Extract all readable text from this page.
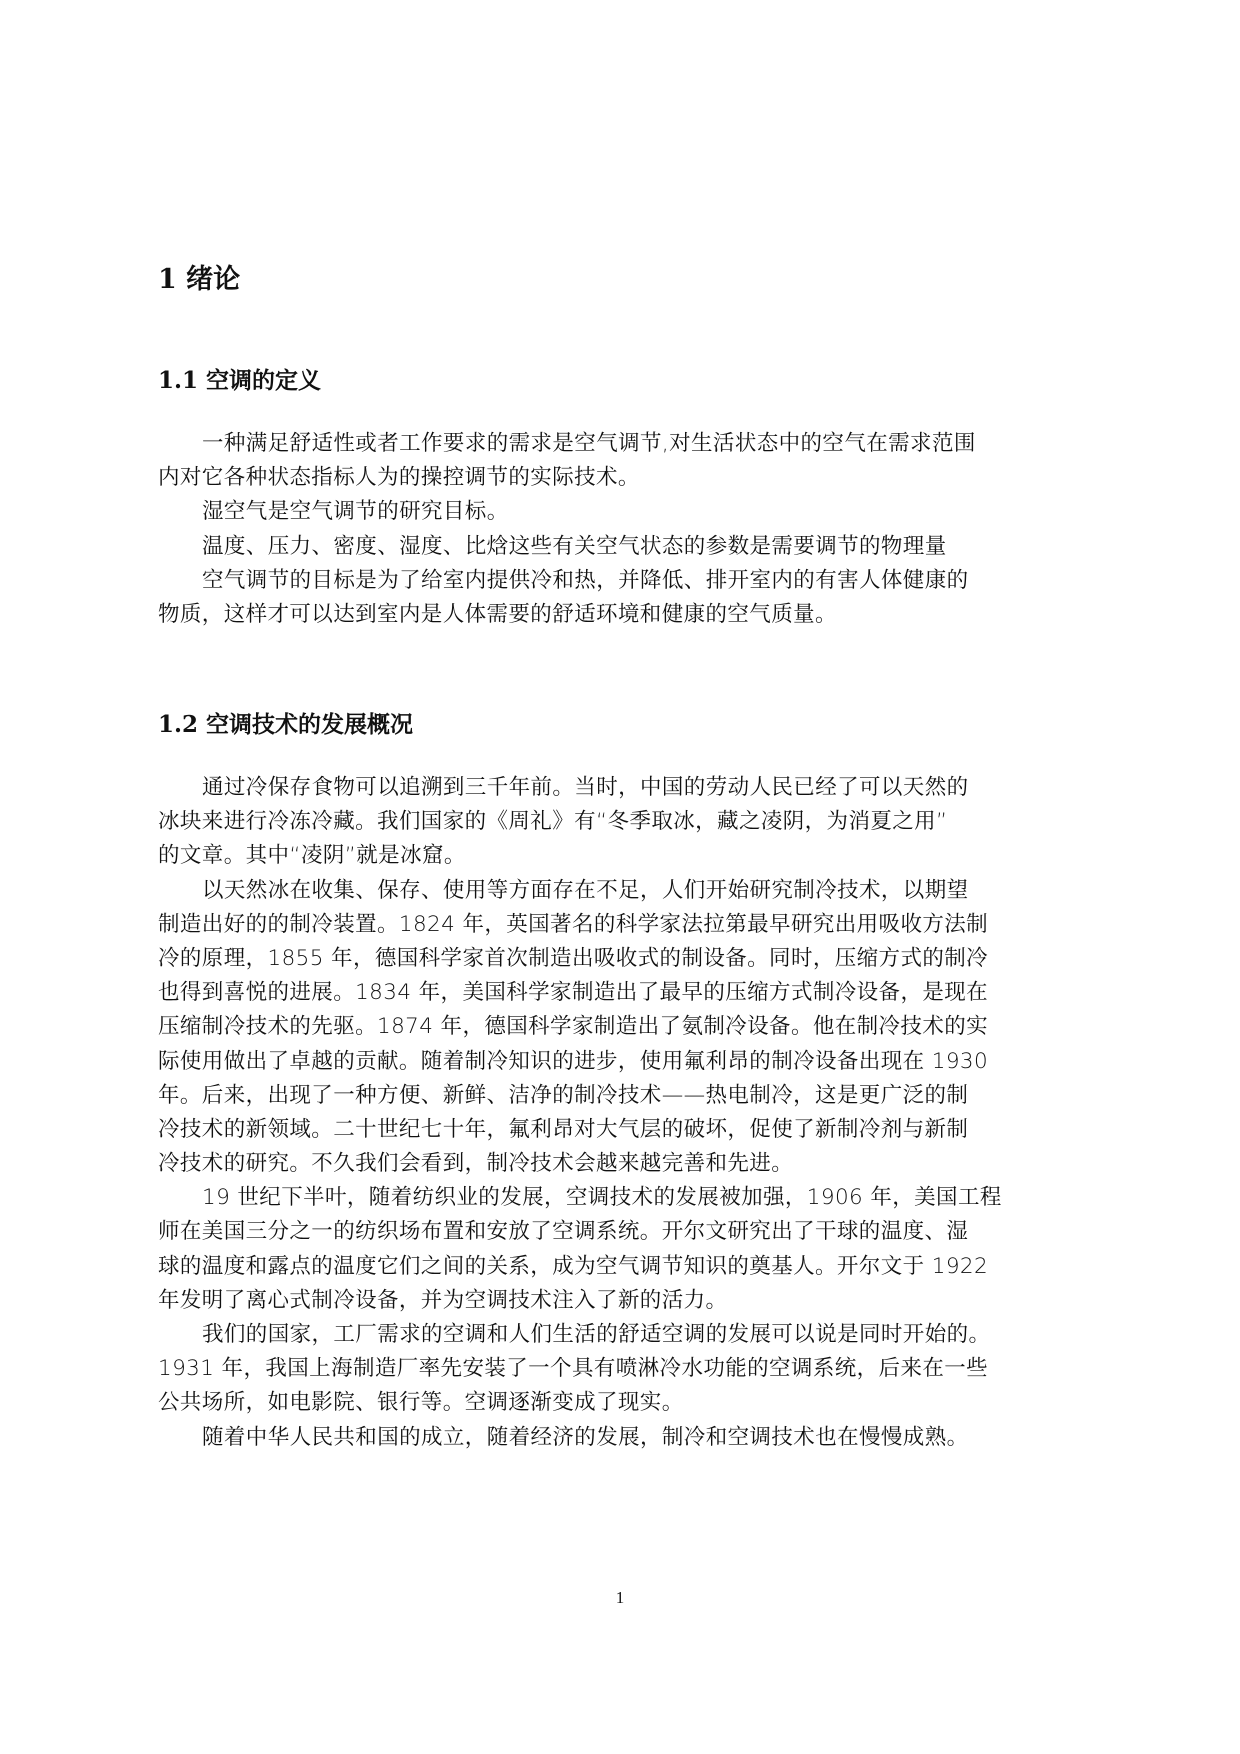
1 绪论
1.1 空调的定义
一种满足舒适性或者工作要求的需求是空气调节,对生活状态中的空气在需求范围
内对它各种状态指标人为的操控调节的实际技术。
湿空气是空气调节的研究目标。
温度、压力、密度、湿度、比焓这些有关空气状态的参数是需要调节的物理量
空气调节的目标是为了给室内提供冷和热，并降低、排开室内的有害人体健康的
物质，这样才可以达到室内是人体需要的舒适环境和健康的空气质量。
1.2 空调技术的发展概况
通过冷保存食物可以追溯到三千年前。当时，中国的劳动人民已经了可以天然的
冰块来进行冷冻冷藏。我们国家的《周礼》有“冬季取冰，藏之凌阴，为消夏之用”
的文章。其中“凌阴”就是冰窟。
以天然冰在收集、保存、使用等方面存在不足，人们开始研究制冷技术，以期望
制造出好的的制冷装置。1824 年，英国著名的科学家法拉第最早研究出用吸收方法制
冷的原理，1855 年，德国科学家首次制造出吸收式的制设备。同时，压缩方式的制冷
也得到喜悦的进展。1834 年，美国科学家制造出了最早的压缩方式制冷设备，是现在
压缩制冷技术的先驱。1874 年，德国科学家制造出了氨制冷设备。他在制冷技术的实
际使用做出了卓越的贡献。随着制冷知识的进步，使用氟利昂的制冷设备出现在 1930
年。后来，出现了一种方便、新鲜、洁净的制冷技术——热电制冷，这是更广泛的制
冷技术的新领域。二十世纪七十年，氟利昂对大气层的破坏，促使了新制冷剂与新制
冷技术的研究。不久我们会看到，制冷技术会越来越完善和先进。
19 世纪下半叶，随着纺织业的发展，空调技术的发展被加强，1906 年，美国工程
师在美国三分之一的纺织场布置和安放了空调系统。开尔文研究出了干球的温度、湿
球的温度和露点的温度它们之间的关系，成为空气调节知识的奠基人。开尔文于 1922
年发明了离心式制冷设备，并为空调技术注入了新的活力。
我们的国家，工厂需求的空调和人们生活的舒适空调的发展可以说是同时开始的。
1931 年，我国上海制造厂率先安装了一个具有喷淋冷水功能的空调系统，后来在一些
公共场所，如电影院、银行等。空调逐渐变成了现实。
随着中华人民共和国的成立，随着经济的发展，制冷和空调技术也在慢慢成熟。
1
